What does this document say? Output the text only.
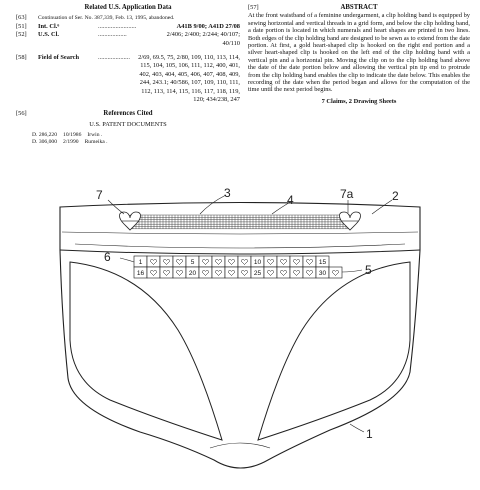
Related U.S. Application Data
[63]	Continuation of Ser. No. 387,339, Feb. 13, 1995, abandoned.
[51]	Int. Cl.⁶	........................	A41B 9/00; A41D 27/08
[52]	U.S. Cl.	..................	2/406; 2/400; 2/244; 40/107; 40/110
[58]	Field of Search	....................	2/69, 69.5, 75, 2/80, 109, 110, 113, 114, 115, 104, 105, 106, 111, 112, 400, 401, 402, 403, 404, 405, 406, 407, 408, 409, 244, 243.1; 40/586, 107, 109, 110, 111, 112, 113, 114, 115, 116, 117, 118, 119, 120; 434/238, 247
[56]	References Cited
U.S. PATENT DOCUMENTS
D. 286,220 10/1986 Irwin .
D. 306,000 2/1990 Rumeika .
[57]	ABSTRACT
At the front waistband of a feminine undergarment, a clip holding band is equipped by sewing horizontal and vertical threads in a grid form, and below the clip holding band, a date portion is located in which numerals and heart shapes are printed in two lines. Both edges of the clip holding band are designed to be sewn as to extend from the date portion. At first, a gold heart-shaped clip is hooked on the right end portion and a silver heart-shaped clip is hooked on the left end of the clip holding band with a vertical pin and a horizontal pin. Moving the clip on to the clip holding band above the date of the date portion below and allowing the vertical pin tip end to protrude from the clip holding band enables the clip to indicate the date below. This enables the recording of the date when the period began and allows for the computation of the time until the next period begins.
7 Claims, 2 Drawing Sheets
1	5	10	15
16	20	25	30
7	3	4	7a	2
6
5
1
